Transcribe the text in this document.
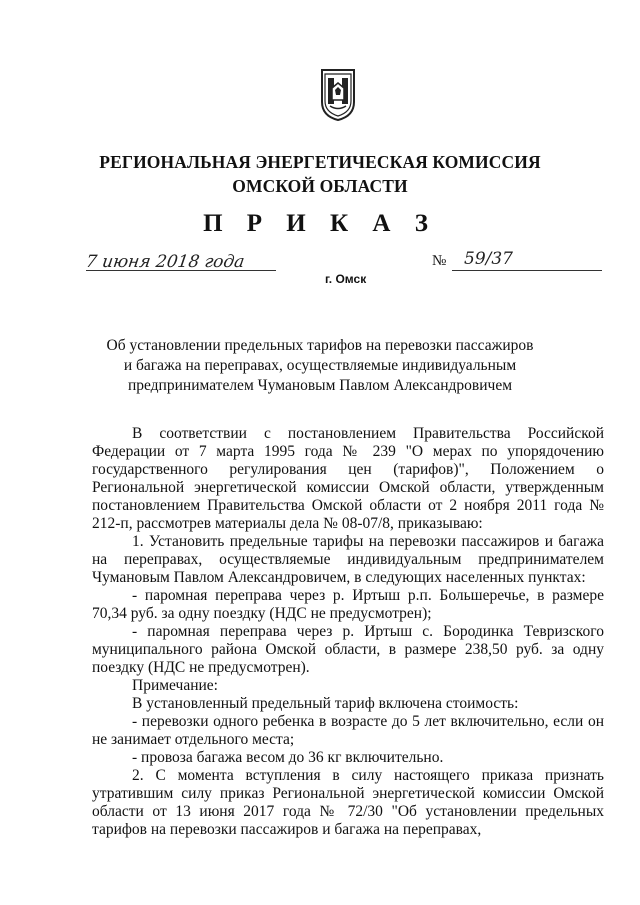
РЕГИОНАЛЬНАЯ ЭНЕРГЕТИЧЕСКАЯ КОМИССИЯ
ОМСКОЙ ОБЛАСТИ
П Р И К А З
7 июня 2018 года
г. Омск
№ 59/37
Об установлении предельных тарифов на перевозки пассажиров
и багажа на переправах, осуществляемые индивидуальным
предпринимателем Чумановым Павлом Александровичем

В соответствии с постановлением Правительства Российской Федерации от 7 марта 1995 года № 239 "О мерах по упорядочению государственного регулирования цен (тарифов)", Положением о Региональной энергетической комиссии Омской области, утвержденным постановлением Правительства Омской области от 2 ноября 2011 года № 212-п, рассмотрев материалы дела № 08-07/8, приказываю:

1. Установить предельные тарифы на перевозки пассажиров и багажа на переправах, осуществляемые индивидуальным предпринимателем Чумановым Павлом Александровичем, в следующих населенных пунктах:

- паромная переправа через р. Иртыш р.п. Большеречье, в размере 70,34 руб. за одну поездку (НДС не предусмотрен);

- паромная переправа через р. Иртыш с. Бородинка Тевризского муниципального района Омской области, в размере 238,50 руб. за одну поездку (НДС не предусмотрен).

Примечание:

В установленный предельный тариф включена стоимость:

- перевозки одного ребенка в возрасте до 5 лет включительно, если он не занимает отдельного места;

- провоза багажа весом до 36 кг включительно.

2. С момента вступления в силу настоящего приказа признать утратившим силу приказ Региональной энергетической комиссии Омской области от 13 июня 2017 года № 72/30 "Об установлении предельных тарифов на перевозки пассажиров и багажа на переправах,
